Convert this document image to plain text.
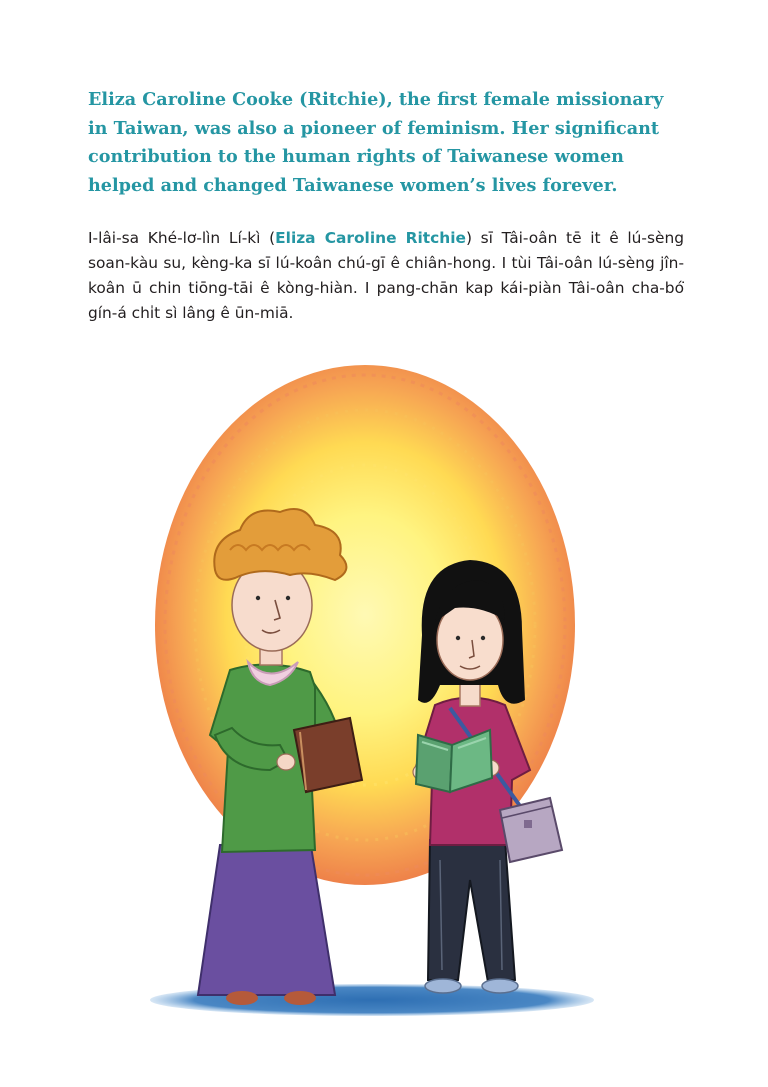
Eliza Caroline Cooke (Ritchie), the first female missionary in Taiwan, was also a pioneer of feminism. Her significant contribution to the human rights of Taiwanese women helped and changed Taiwanese women’s lives forever.

I-lâi-sa Khé-lơ-lìn Lí-kì (Eliza Caroline Ritchie) sī Tâi-oân tē it ê lú-sèng soan-kàu su, kèng-ka sī lú-koân chú-gī ê chiân-hong. I tùi Tâi-oân lú-sèng jîn-koân ū chin tiōng-tāi ê kòng-hiàn. I pang-chān kap kái-piàn Tâi-oân cha-bó͘ gín-á chi̍t sì lâng ê ūn-miā.
